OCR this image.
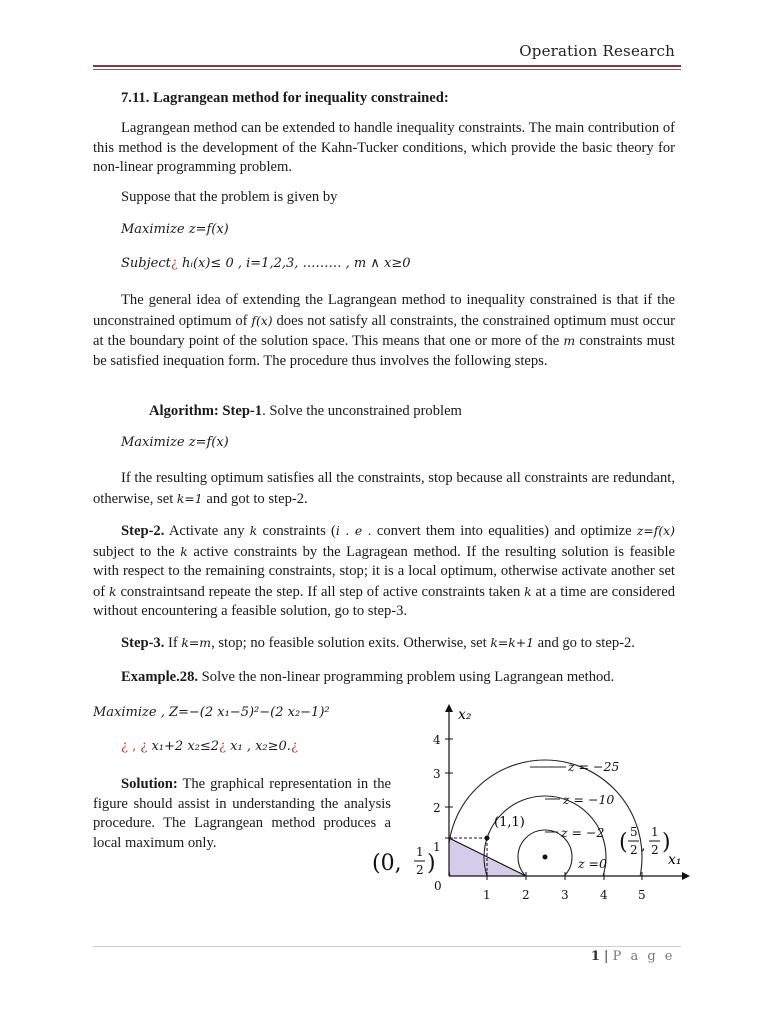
Operation Research
7.11. Lagrangean method for inequality constrained:
Lagrangean method can be extended to handle inequality constraints. The main contribution of this method is the development of the Kahn-Tucker conditions, which provide the basic theory for non-linear programming problem.
Suppose that the problem is given by
Maximize z=f(x)
Subject¿ hᵢ(x)≤ 0 , i=1,2,3, ……… , m ∧ x≥0
The general idea of extending the Lagrangean method to inequality constrained is that if the unconstrained optimum of f(x) does not satisfy all constraints, the constrained optimum must occur at the boundary point of the solution space. This means that one or more of the m constraints must be satisfied inequation form. The procedure thus involves the following steps.
Algorithm: Step-1. Solve the unconstrained problem
Maximize z=f(x)
If the resulting optimum satisfies all the constraints, stop because all constraints are redundant, otherwise, set k=1 and got to step-2.
Step-2. Activate any k constraints (i . e . convert them into equalities) and optimize z=f(x) subject to the k active constraints by the Lagragean method. If the resulting solution is feasible with respect to the remaining constraints, stop; it is a local optimum, otherwise activate another set of k constraintsand repeate the step. If all step of active constraints taken k at a time are considered without encountering a feasible solution, go to step-3.
Step-3. If k=m, stop; no feasible solution exits. Otherwise, set k=k+1 and go to step-2.
Example.28. Solve the non-linear programming problem using Lagrangean method.
Maximize , Z=−(2 x₁−5)²−(2 x₂−1)²
¿ , ¿ x₁+2 x₂≤2¿ x₁ , x₂≥0.¿
Solution: The graphical representation in the figure should assist in understanding the analysis procedure. The Lagrangean method produces a local maximum only.
x₂
x₁
0
1	2	3	4	5
1
2
3
4
z = −25
z = −10
z = −2
z =0
(1,1)
(0, 1
2 )
( 5
2 ,
1
2 )
1 | P a g e
